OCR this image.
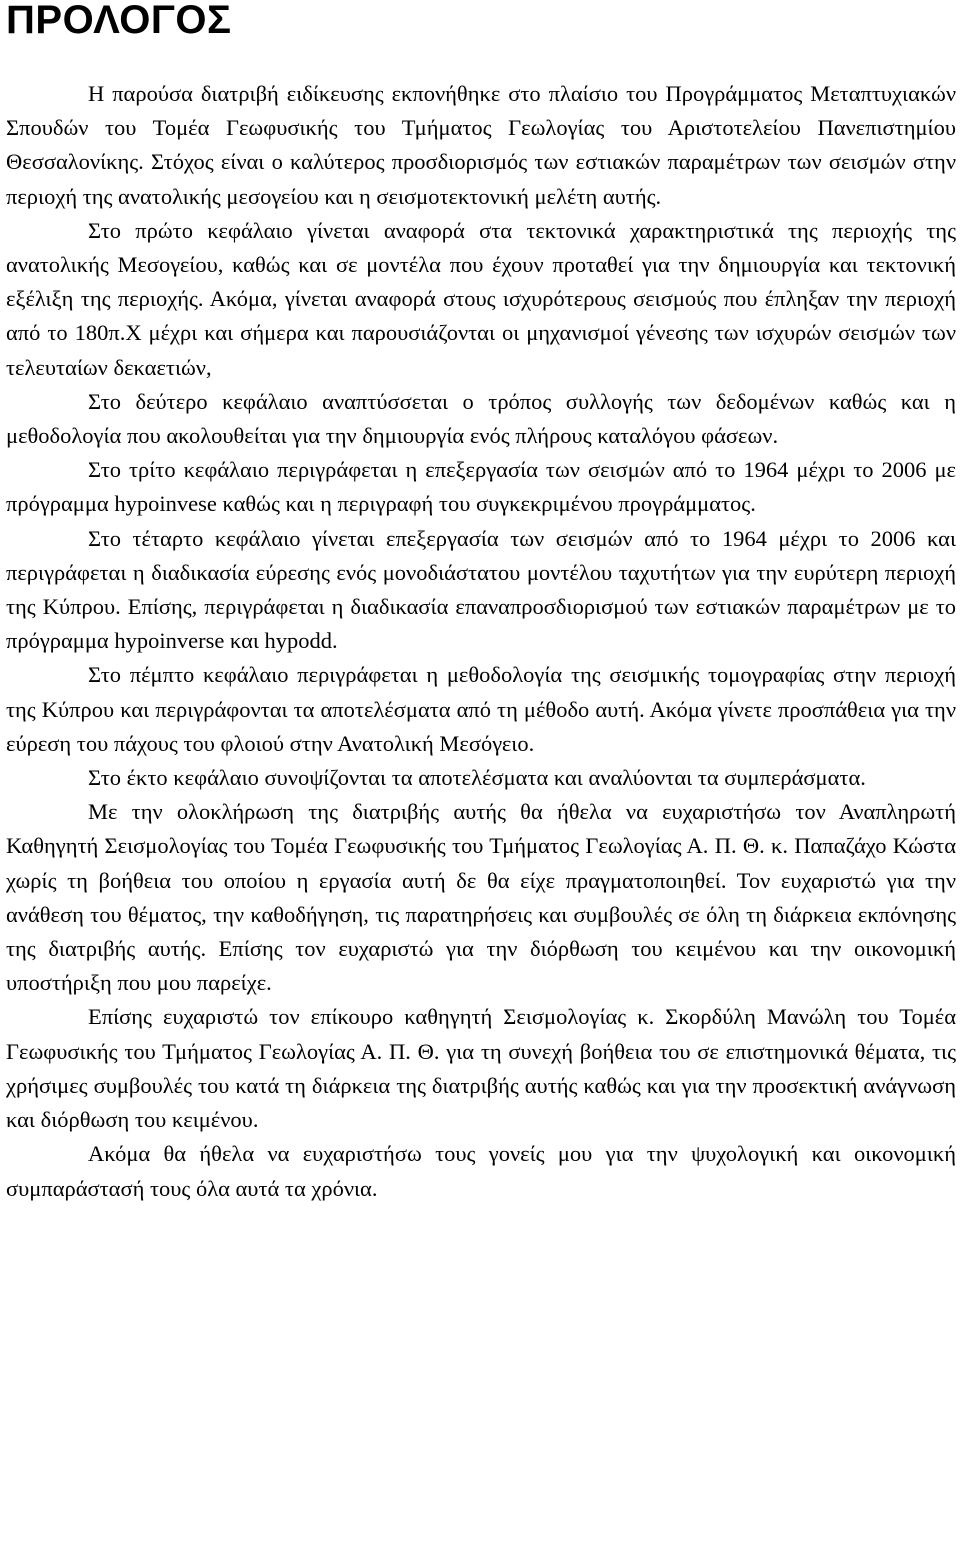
ΠΡΟΛΟΓΟΣ

Η παρούσα διατριβή ειδίκευσης εκπονήθηκε στο πλαίσιο του Προγράμματος Μεταπτυχιακών Σπουδών του Τομέα Γεωφυσικής του Τμήματος Γεωλογίας του Αριστοτελείου Πανεπιστημίου Θεσσαλονίκης. Στόχος είναι ο καλύτερος προσδιορισμός των εστιακών παραμέτρων των σεισμών στην περιοχή της ανατολικής μεσογείου και η σεισμοτεκτονική μελέτη αυτής.

Στο πρώτο κεφάλαιο γίνεται αναφορά στα τεκτονικά χαρακτηριστικά της περιοχής της ανατολικής Μεσογείου, καθώς και σε μοντέλα που έχουν προταθεί για την δημιουργία και τεκτονική εξέλιξη της περιοχής. Ακόμα, γίνεται αναφορά στους ισχυρότερους σεισμούς που έπληξαν την περιοχή από το 180π.Χ μέχρι και σήμερα και παρουσιάζονται οι μηχανισμοί γένεσης των ισχυρών σεισμών των τελευταίων δεκαετιών,

Στο δεύτερο κεφάλαιο αναπτύσσεται ο τρόπος συλλογής των δεδομένων καθώς και η μεθοδολογία που ακολουθείται για την δημιουργία ενός πλήρους καταλόγου φάσεων.

Στο τρίτο κεφάλαιο περιγράφεται η επεξεργασία των σεισμών από το 1964 μέχρι το 2006 με πρόγραμμα hypoinvese καθώς και η περιγραφή του συγκεκριμένου προγράμματος.

Στο τέταρτο κεφάλαιο γίνεται επεξεργασία των σεισμών από το 1964 μέχρι το 2006 και περιγράφεται η διαδικασία εύρεσης ενός μονοδιάστατου μοντέλου ταχυτήτων για την ευρύτερη περιοχή της Κύπρου. Επίσης, περιγράφεται η διαδικασία επαναπροσδιορισμού των εστιακών παραμέτρων με το πρόγραμμα hypoinverse και hypodd.

Στο πέμπτο κεφάλαιο περιγράφεται η μεθοδολογία της σεισμικής τομογραφίας στην περιοχή της Κύπρου και περιγράφονται τα αποτελέσματα από τη μέθοδο αυτή. Ακόμα γίνετε προσπάθεια για την εύρεση του πάχους του φλοιού στην Ανατολική Μεσόγειο.

Στο έκτο κεφάλαιο συνοψίζονται τα αποτελέσματα και αναλύονται τα συμπεράσματα.

Με την ολοκλήρωση της διατριβής αυτής θα ήθελα να ευχαριστήσω τον Αναπληρωτή Καθηγητή Σεισμολογίας του Τομέα Γεωφυσικής του Τμήματος Γεωλογίας Α. Π. Θ. κ. Παπαζάχο Κώστα χωρίς τη βοήθεια του οποίου η εργασία αυτή δε θα είχε πραγματοποιηθεί. Τον ευχαριστώ για την ανάθεση του θέματος, την καθοδήγηση, τις παρατηρήσεις και συμβουλές σε όλη τη διάρκεια εκπόνησης της διατριβής αυτής. Επίσης τον ευχαριστώ για την διόρθωση του κειμένου και την οικονομική υποστήριξη που μου παρείχε.

Επίσης ευχαριστώ τον επίκουρο καθηγητή Σεισμολογίας κ. Σκορδύλη Μανώλη του Τομέα Γεωφυσικής του Τμήματος Γεωλογίας Α. Π. Θ. για τη συνεχή βοήθεια του σε επιστημονικά θέματα, τις χρήσιμες συμβουλές του κατά τη διάρκεια της διατριβής αυτής καθώς και για την προσεκτική ανάγνωση και διόρθωση του κειμένου.

Ακόμα θα ήθελα να ευχαριστήσω τους γονείς μου για την ψυχολογική και οικονομική συμπαράστασή τους όλα αυτά τα χρόνια.
